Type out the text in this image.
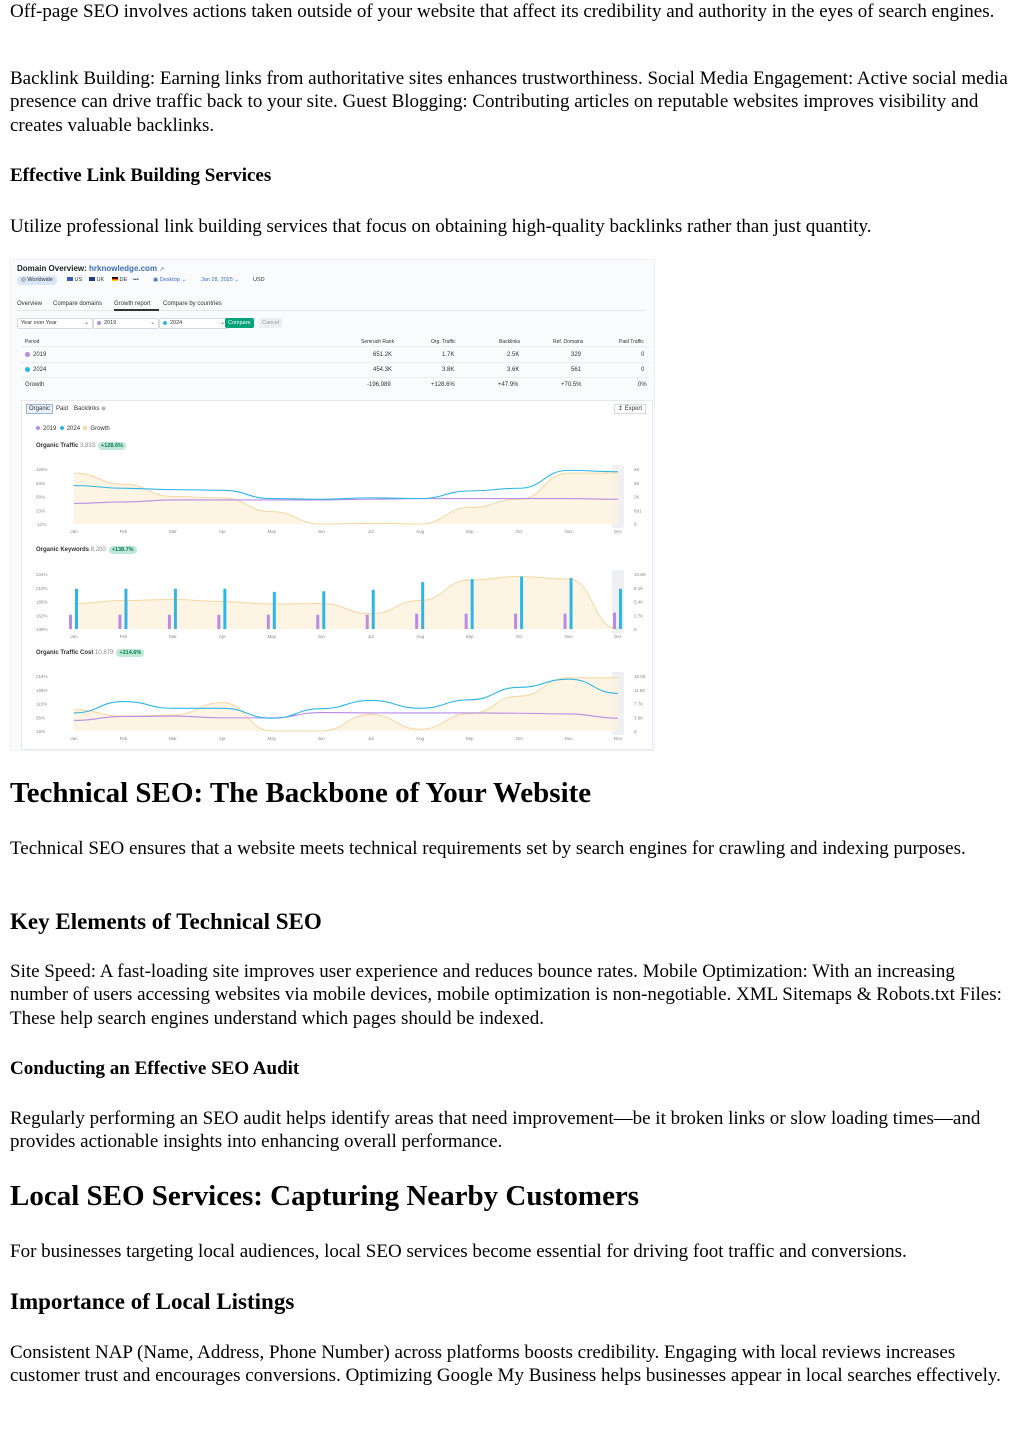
Off-page SEO involves actions taken outside of your website that affect its credibility and authority in the eyes of search engines.

Backlink Building: Earning links from authoritative sites enhances trustworthiness. Social Media Engagement: Active social media presence can drive traffic back to your site. Guest Blogging: Contributing articles on reputable websites improves visibility and creates valuable backlinks.

Effective Link Building Services

Utilize professional link building services that focus on obtaining high-quality backlinks rather than just quantity.

Domain Overview: hrknowledge.com ↗
◎ Worldwide	US	UK	DE	•••	▣ Desktop ⌄	Jan 28, 2025 ⌄	USD
Overview Compare domains Growth report Compare by countries
Year over Year	⌄	2019	⌄	2024	⌄ Compare	Cancel
Period	Semrush Rank	Org. Traffic	Backlinks	Ref. Domains	Paid Traffic
2019	651.2K	1.7K	2.5K	329	0
2024	454.3K	3.8K	3.6K	561	0
Growth	-196,989	+128.6%	+47.9%	+70.5%	0%
Organic Paid Backlinks ◉	↥ Export
2019 2024 Growth
Organic Traffic 3,833 +128.6%
Organic Keywords 8,200 +138.7%
Organic Traffic Cost 10,879 +214.6%
128%
93%
58%
23%
-12%
4K
3K
2K
891
0
Jan	Feb	Mar	Apr	May	Jun	Jul	Aug	Sep	Oct	Nov	Dec
234%
210%
186%
162%
139%
10.8K
8.1K
5.4K
2.7K
0
Jan	Feb	Mar	Apr	May	Jun	Jul	Aug	Sep	Oct	Nov	Dec
215%
165%
115%
65%
15%
15.5K
11.6K
7.7K
3.9K
0
Jan	Feb	Mar	Apr	May	Jun	Jul	Aug	Sep	Oct	Nov	Dec
Technical SEO: The Backbone of Your Website

Technical SEO ensures that a website meets technical requirements set by search engines for crawling and indexing purposes.

Key Elements of Technical SEO

Site Speed: A fast-loading site improves user experience and reduces bounce rates. Mobile Optimization: With an increasing number of users accessing websites via mobile devices, mobile optimization is non-negotiable. XML Sitemaps & Robots.txt Files: These help search engines understand which pages should be indexed.

Conducting an Effective SEO Audit

Regularly performing an SEO audit helps identify areas that need improvement—be it broken links or slow loading times—and provides actionable insights into enhancing overall performance.

Local SEO Services: Capturing Nearby Customers

For businesses targeting local audiences, local SEO services become essential for driving foot traffic and conversions.

Importance of Local Listings

Consistent NAP (Name, Address, Phone Number) across platforms boosts credibility. Engaging with local reviews increases customer trust and encourages conversions. Optimizing Google My Business helps businesses appear in local searches effectively.
